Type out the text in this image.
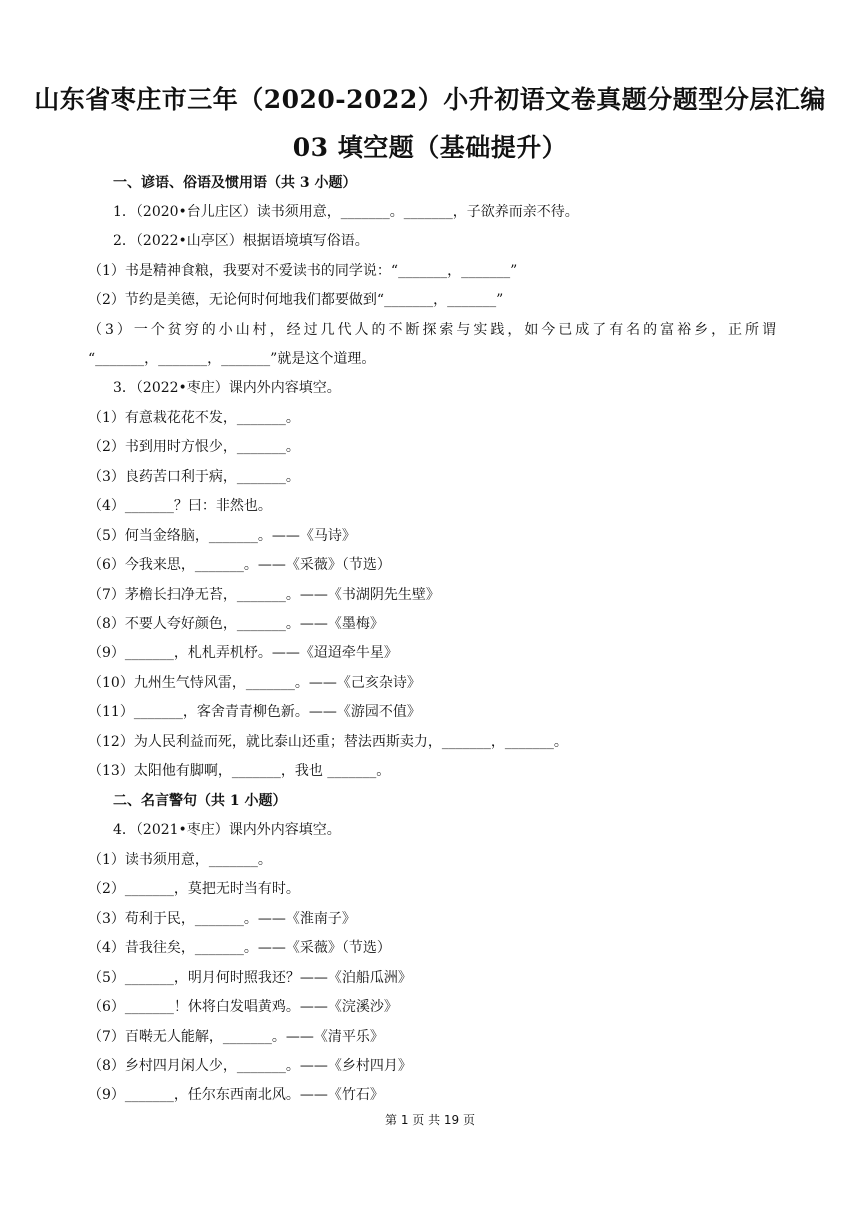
山东省枣庄市三年（2020-2022）小升初语文卷真题分题型分层汇编
03 填空题（基础提升）
一、谚语、俗语及惯用语（共 3 小题）
1．（2020•台儿庄区）读书须用意，_______。_______，子欲养而亲不待。
2．（2022•山亭区）根据语境填写俗语。
（1）书是精神食粮，我要对不爱读书的同学说：“_______，_______”
（2）节约是美德，无论何时何地我们都要做到“_______，_______”
（3）一个贫穷的小山村，经过几代人的不断探索与实践，如今已成了有名的富裕乡，正所谓
“_______，_______，_______”就是这个道理。
3．（2022•枣庄）课内外内容填空。
（1）有意栽花花不发，_______。
（2）书到用时方恨少，_______。
（3）良药苦口利于病，_______。
（4）_______？曰：非然也。
（5）何当金络脑，_______。——《马诗》
（6）今我来思，_______。——《采薇》（节选）
（7）茅檐长扫净无苔，_______。——《书湖阴先生壁》
（8）不要人夸好颜色，_______。——《墨梅》
（9）_______，札札弄机杼。——《迢迢牵牛星》
（10）九州生气恃风雷，_______。——《己亥杂诗》
（11）_______，客舍青青柳色新。——《游园不值》
（12）为人民利益而死，就比泰山还重；替法西斯卖力，_______，_______。
（13）太阳他有脚啊，_______，我也 _______。
二、名言警句（共 1 小题）
4．（2021•枣庄）课内外内容填空。
（1）读书须用意，_______。
（2）_______，莫把无时当有时。
（3）苟利于民，_______。——《淮南子》
（4）昔我往矣，_______。——《采薇》（节选）
（5）_______，明月何时照我还？——《泊船瓜洲》
（6）_______！休将白发唱黄鸡。——《浣溪沙》
（7）百啭无人能解，_______。——《清平乐》
（8）乡村四月闲人少，_______。——《乡村四月》
（9）_______，任尔东西南北风。——《竹石》
第 1 页 共 19 页
